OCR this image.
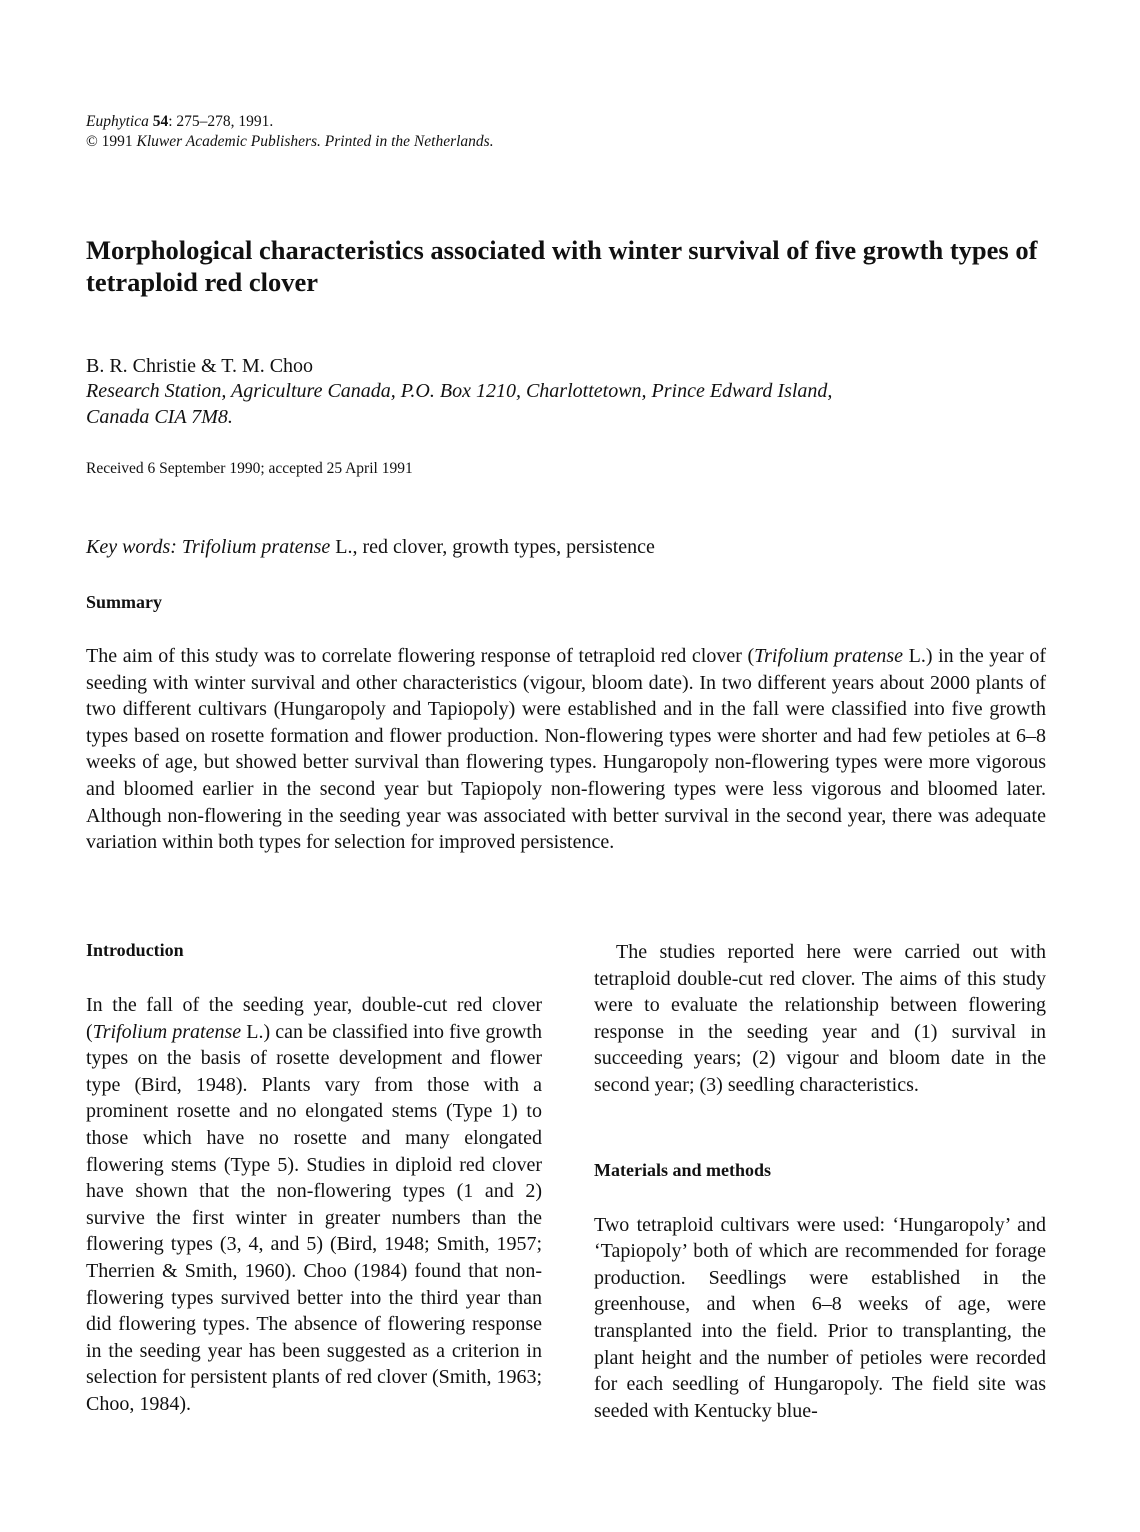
Euphytica 54: 275–278, 1991.
© 1991 Kluwer Academic Publishers. Printed in the Netherlands.
Morphological characteristics associated with winter survival of five growth types of tetraploid red clover
B. R. Christie & T. M. Choo
Research Station, Agriculture Canada, P.O. Box 1210, Charlottetown, Prince Edward Island,
Canada CIA 7M8.
Received 6 September 1990; accepted 25 April 1991
Key words: Trifolium pratense L., red clover, growth types, persistence
Summary

The aim of this study was to correlate flowering response of tetraploid red clover (Trifolium pratense L.) in the year of seeding with winter survival and other characteristics (vigour, bloom date). In two different years about 2000 plants of two different cultivars (Hungaropoly and Tapiopoly) were established and in the fall were classified into five growth types based on rosette formation and flower production. Non-flowering types were shorter and had few petioles at 6–8 weeks of age, but showed better survival than flowering types. Hungaropoly non-flowering types were more vigorous and bloomed earlier in the second year but Tapiopoly non-flowering types were less vigorous and bloomed later. Although non-flowering in the seeding year was associated with better survival in the second year, there was adequate variation within both types for selection for improved persistence.

Introduction

In the fall of the seeding year, double-cut red clover (Trifolium pratense L.) can be classified into five growth types on the basis of rosette development and flower type (Bird, 1948). Plants vary from those with a prominent rosette and no elongated stems (Type 1) to those which have no rosette and many elongated flowering stems (Type 5). Studies in diploid red clover have shown that the non-flowering types (1 and 2) survive the first winter in greater numbers than the flowering types (3, 4, and 5) (Bird, 1948; Smith, 1957; Therrien & Smith, 1960). Choo (1984) found that non-flowering types survived better into the third year than did flowering types. The absence of flowering response in the seeding year has been suggested as a criterion in selection for persistent plants of red clover (Smith, 1963; Choo, 1984).

The studies reported here were carried out with tetraploid double-cut red clover. The aims of this study were to evaluate the relationship between flowering response in the seeding year and (1) survival in succeeding years; (2) vigour and bloom date in the second year; (3) seedling characteristics.

Materials and methods

Two tetraploid cultivars were used: ‘Hungaropoly’ and ‘Tapiopoly’ both of which are recommended for forage production. Seedlings were established in the greenhouse, and when 6–8 weeks of age, were transplanted into the field. Prior to transplanting, the plant height and the number of petioles were recorded for each seedling of Hungaropoly. The field site was seeded with Kentucky blue-
